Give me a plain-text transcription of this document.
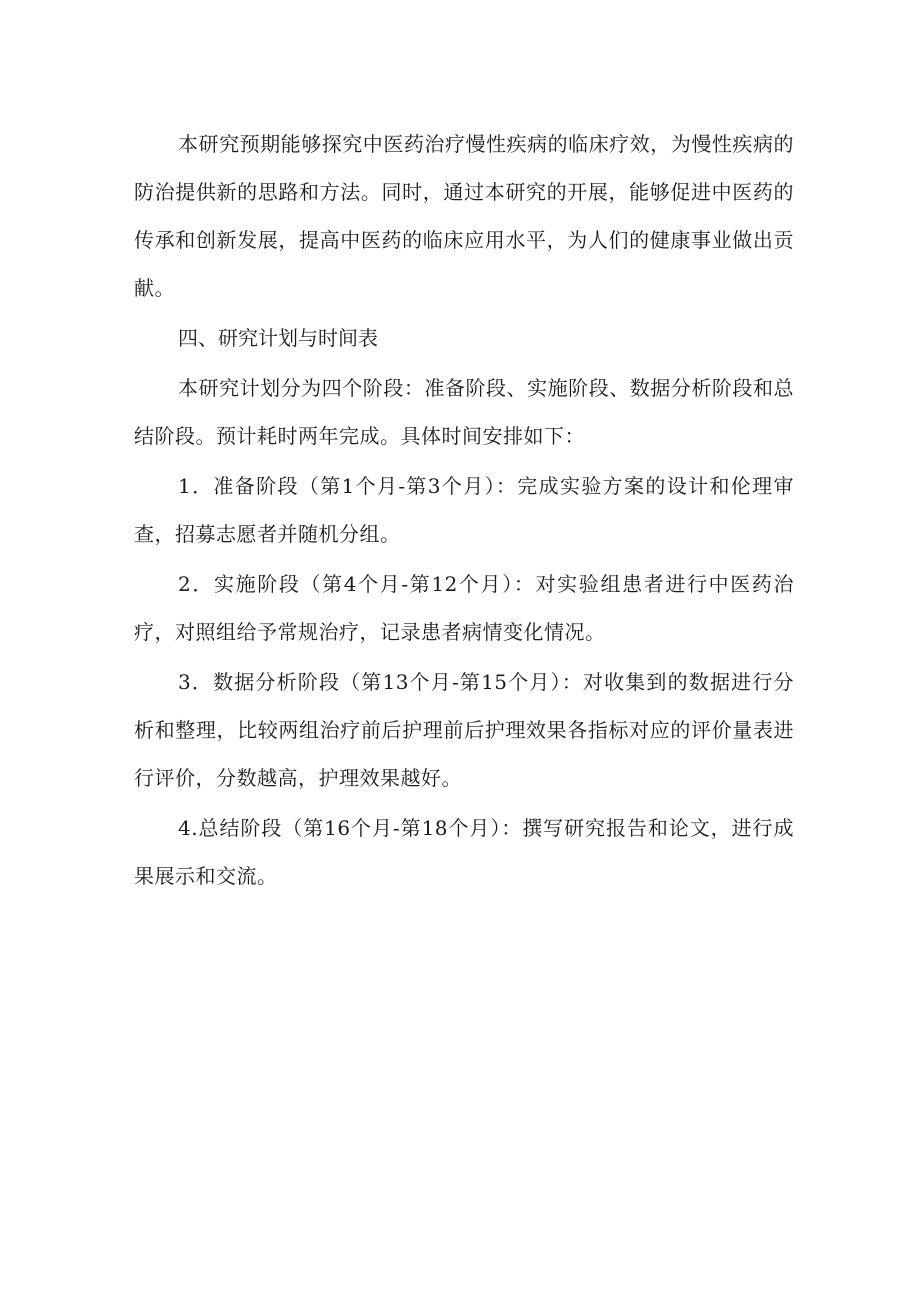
本研究预期能够探究中医药治疗慢性疾病的临床疗效，为慢性疾病的防治提供新的思路和方法。同时，通过本研究的开展，能够促进中医药的传承和创新发展，提高中医药的临床应用水平，为人们的健康事业做出贡献。

四、研究计划与时间表

本研究计划分为四个阶段：准备阶段、实施阶段、数据分析阶段和总结阶段。预计耗时两年完成。具体时间安排如下：

1．准备阶段（第1个月-第3个月）：完成实验方案的设计和伦理审查，招募志愿者并随机分组。

2．实施阶段（第4个月-第12个月）：对实验组患者进行中医药治疗，对照组给予常规治疗，记录患者病情变化情况。

3．数据分析阶段（第13个月-第15个月）：对收集到的数据进行分析和整理，比较两组治疗前后护理前后护理效果各指标对应的评价量表进行评价，分数越高，护理效果越好。

4.总结阶段（第16个月-第18个月）：撰写研究报告和论文，进行成果展示和交流。
